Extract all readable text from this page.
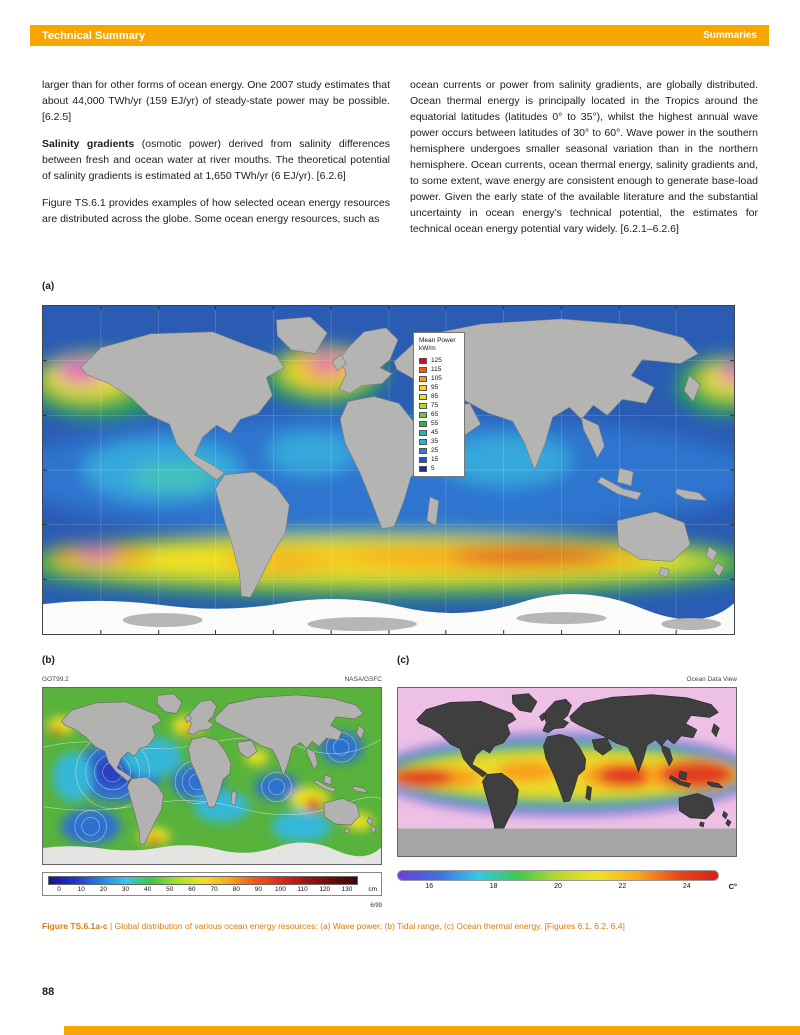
Technical Summary	Summaries

larger than for other forms of ocean energy. One 2007 study estimates that about 44,000 TWh/yr (159 EJ/yr) of steady-state power may be possible. [6.2.5]

Salinity gradients (osmotic power) derived from salinity differences between fresh and ocean water at river mouths. The theoretical potential of salinity gradients is estimated at 1,650 TWh/yr (6 EJ/yr). [6.2.6]

Figure TS.6.1 provides examples of how selected ocean energy resources are distributed across the globe. Some ocean energy resources, such as

ocean currents or power from salinity gradients, are globally distributed. Ocean thermal energy is principally located in the Tropics around the equatorial latitudes (latitudes 0° to 35°), whilst the highest annual wave power occurs between latitudes of 30° to 60°. Wave power in the southern hemisphere undergoes smaller seasonal variation than in the northern hemisphere. Ocean currents, ocean thermal energy, salinity gradients and, to some extent, wave energy are consistent enough to generate base-load power. Given the early state of the available literature and the substantial uncertainty in ocean energy’s technical potential, the estimates for technical ocean energy potential vary widely. [6.2.1–6.2.6]

(a)
Mean Power
kW/m
125
115
105
95
85
75
65
55
45
35
25
15
5
(b)	(c)
GOT99.2	NASA/GSFC	Ocean Data View
0	10	20	30	40	50	60	70	80	90	100	110	120	130	cm
6/99
16	18	20	22	24	C°
Figure TS.6.1a-c | Global distribution of various ocean energy resources: (a) Wave power; (b) Tidal range, (c) Ocean thermal energy. [Figures 6.1, 6.2, 6.4]
88
